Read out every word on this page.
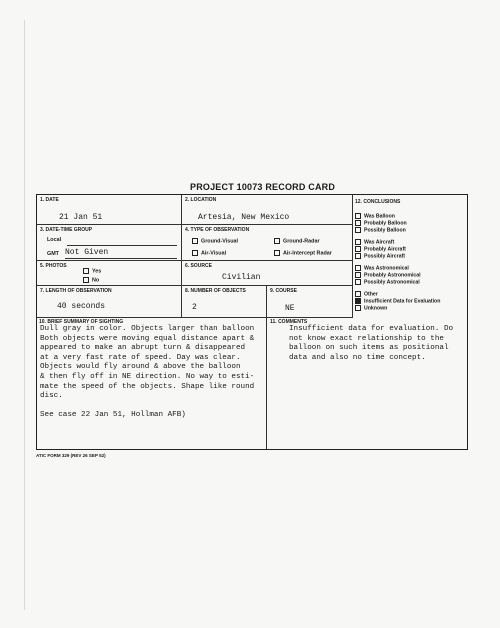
PROJECT 10073 RECORD CARD
1. DATE
21 Jan 51
2. LOCATION
Artesia, New Mexico
3. DATE-TIME GROUP
Local
GMT Not Given
4. TYPE OF OBSERVATION
Ground-Visual	Ground-Radar
Air-Visual	Air-Intercept Radar
5. PHOTOS
Yes
No
6. SOURCE
Civilian
7. LENGTH OF OBSERVATION
40 seconds
8. NUMBER OF OBJECTS
2
9. COURSE
NE
12. CONCLUSIONS
Was Balloon
Probably Balloon
Possibly Balloon
Was Aircraft
Probably Aircraft
Possibly Aircraft
Was Astronomical
Probably Astronomical
Possibly Astronomical
Other
Insufficient Data for Evaluation
Unknown
10. BRIEF SUMMARY OF SIGHTING
Dull gray in color. Objects larger than balloon
Both objects were moving equal distance apart &
appeared to make an abrupt turn & disappeared
at a very fast rate of speed. Day was clear.
Objects would fly around & above the balloon
& then fly off in NE direction. No way to esti-
mate the speed of the objects. Shape like round
disc.

See case 22 Jan 51, Hollman AFB)
11. COMMENTS
Insufficient data for evaluation. Do
not know exact relationship to the
balloon on such items as positional
data and also no time concept.
ATIC FORM 329 (REV 26 SEP 52)
